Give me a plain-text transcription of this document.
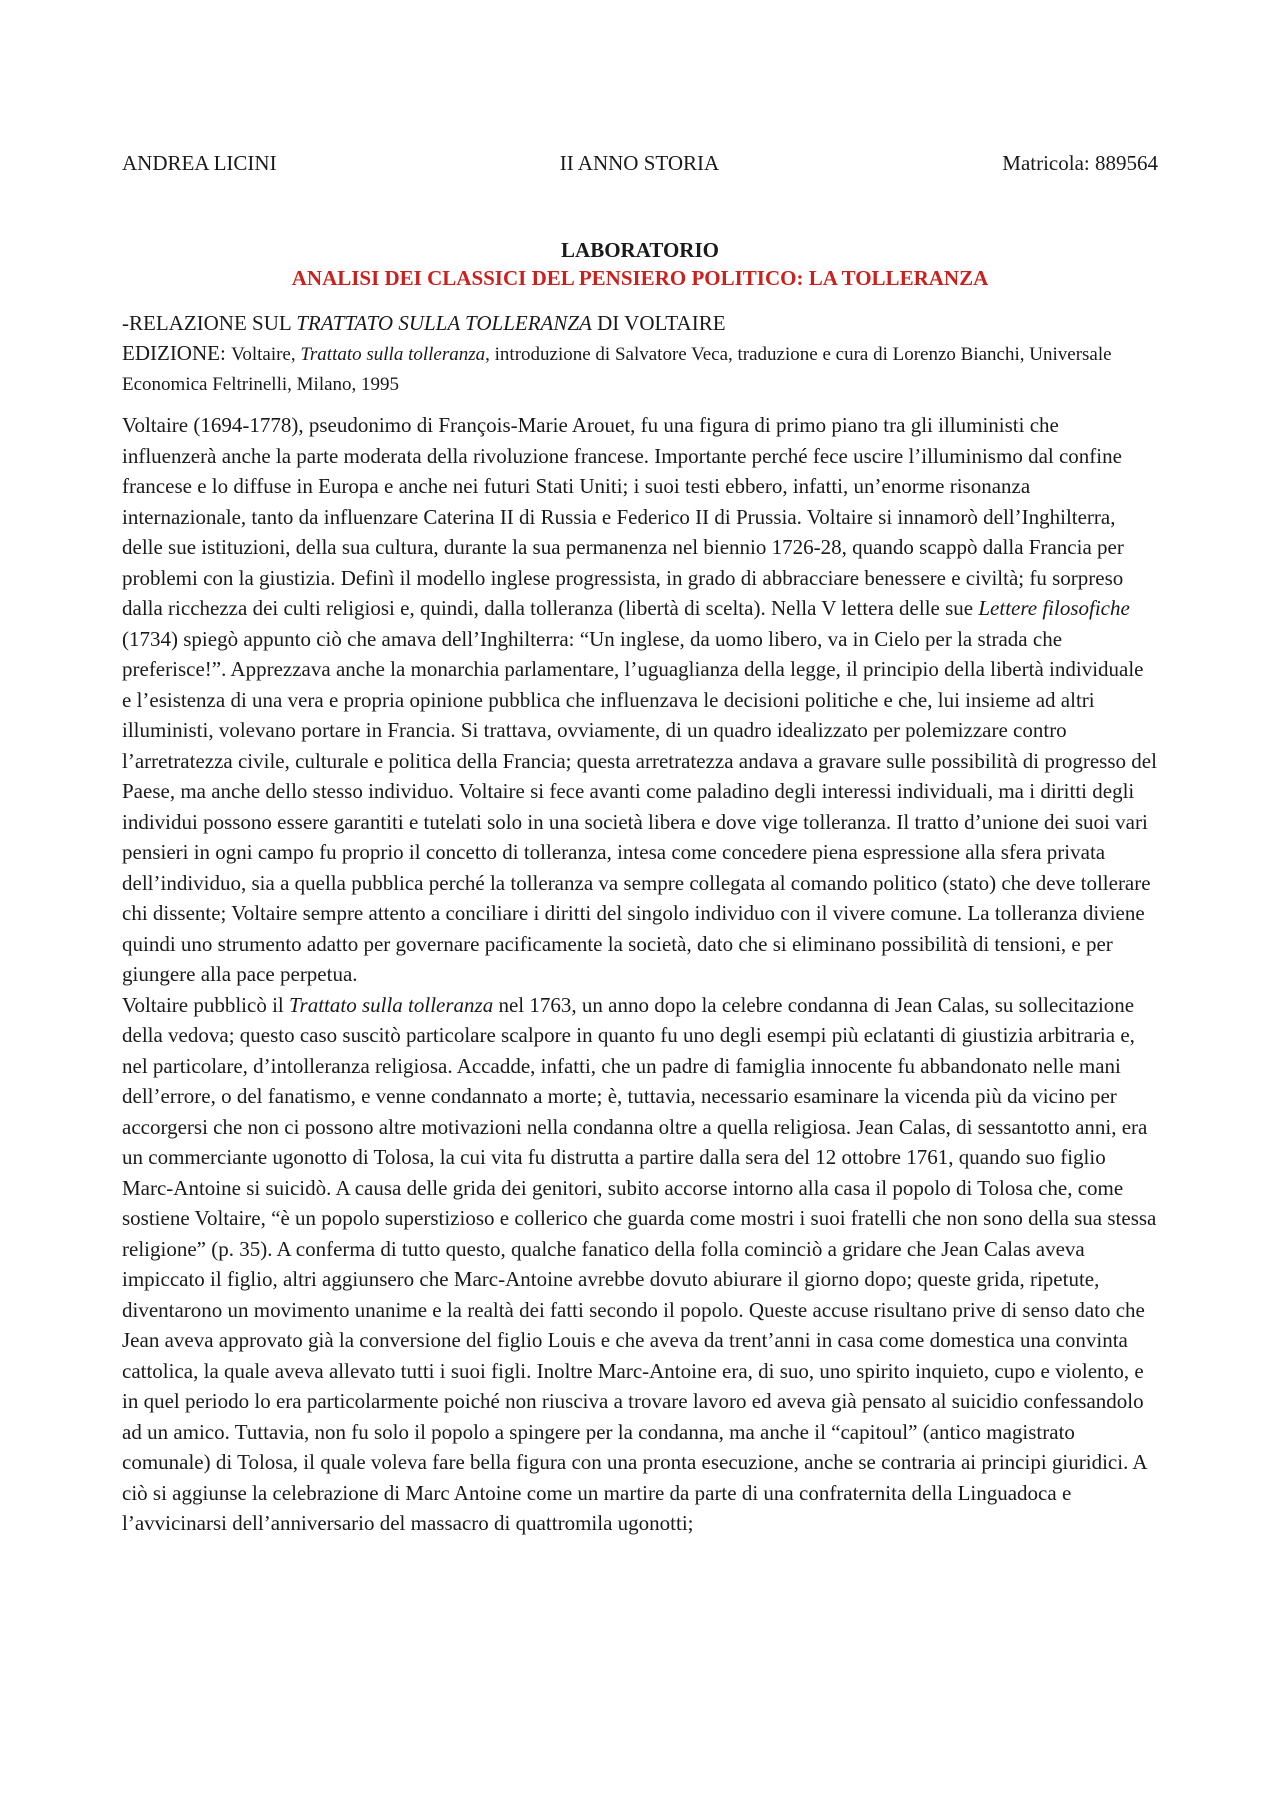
ANDREA LICINI	II ANNO STORIA	Matricola: 889564
LABORATORIO
ANALISI DEI CLASSICI DEL PENSIERO POLITICO: LA TOLLERANZA
-RELAZIONE SUL TRATTATO SULLA TOLLERANZA DI VOLTAIRE
EDIZIONE: Voltaire, Trattato sulla tolleranza, introduzione di Salvatore Veca, traduzione e cura di Lorenzo Bianchi, Universale Economica Feltrinelli, Milano, 1995

Voltaire (1694-1778), pseudonimo di François-Marie Arouet, fu una figura di primo piano tra gli illuministi che influenzerà anche la parte moderata della rivoluzione francese. Importante perché fece uscire l’illuminismo dal confine francese e lo diffuse in Europa e anche nei futuri Stati Uniti; i suoi testi ebbero, infatti, un’enorme risonanza internazionale, tanto da influenzare Caterina II di Russia e Federico II di Prussia. Voltaire si innamorò dell’Inghilterra, delle sue istituzioni, della sua cultura, durante la sua permanenza nel biennio 1726-28, quando scappò dalla Francia per problemi con la giustizia. Definì il modello inglese progressista, in grado di abbracciare benessere e civiltà; fu sorpreso dalla ricchezza dei culti religiosi e, quindi, dalla tolleranza (libertà di scelta). Nella V lettera delle sue Lettere filosofiche (1734) spiegò appunto ciò che amava dell’Inghilterra: “Un inglese, da uomo libero, va in Cielo per la strada che preferisce!”. Apprezzava anche la monarchia parlamentare, l’uguaglianza della legge, il principio della libertà individuale e l’esistenza di una vera e propria opinione pubblica che influenzava le decisioni politiche e che, lui insieme ad altri illuministi, volevano portare in Francia. Si trattava, ovviamente, di un quadro idealizzato per polemizzare contro l’arretratezza civile, culturale e politica della Francia; questa arretratezza andava a gravare sulle possibilità di progresso del Paese, ma anche dello stesso individuo. Voltaire si fece avanti come paladino degli interessi individuali, ma i diritti degli individui possono essere garantiti e tutelati solo in una società libera e dove vige tolleranza. Il tratto d’unione dei suoi vari pensieri in ogni campo fu proprio il concetto di tolleranza, intesa come concedere piena espressione alla sfera privata dell’individuo, sia a quella pubblica perché la tolleranza va sempre collegata al comando politico (stato) che deve tollerare chi dissente; Voltaire sempre attento a conciliare i diritti del singolo individuo con il vivere comune. La tolleranza diviene quindi uno strumento adatto per governare pacificamente la società, dato che si eliminano possibilità di tensioni, e per giungere alla pace perpetua.

Voltaire pubblicò il Trattato sulla tolleranza nel 1763, un anno dopo la celebre condanna di Jean Calas, su sollecitazione della vedova; questo caso suscitò particolare scalpore in quanto fu uno degli esempi più eclatanti di giustizia arbitraria e, nel particolare, d’intolleranza religiosa. Accadde, infatti, che un padre di famiglia innocente fu abbandonato nelle mani dell’errore, o del fanatismo, e venne condannato a morte; è, tuttavia, necessario esaminare la vicenda più da vicino per accorgersi che non ci possono altre motivazioni nella condanna oltre a quella religiosa. Jean Calas, di sessantotto anni, era un commerciante ugonotto di Tolosa, la cui vita fu distrutta a partire dalla sera del 12 ottobre 1761, quando suo figlio Marc-Antoine si suicidò. A causa delle grida dei genitori, subito accorse intorno alla casa il popolo di Tolosa che, come sostiene Voltaire, “è un popolo superstizioso e collerico che guarda come mostri i suoi fratelli che non sono della sua stessa religione” (p. 35). A conferma di tutto questo, qualche fanatico della folla cominciò a gridare che Jean Calas aveva impiccato il figlio, altri aggiunsero che Marc-Antoine avrebbe dovuto abiurare il giorno dopo; queste grida, ripetute, diventarono un movimento unanime e la realtà dei fatti secondo il popolo. Queste accuse risultano prive di senso dato che Jean aveva approvato già la conversione del figlio Louis e che aveva da trent’anni in casa come domestica una convinta cattolica, la quale aveva allevato tutti i suoi figli. Inoltre Marc-Antoine era, di suo, uno spirito inquieto, cupo e violento, e in quel periodo lo era particolarmente poiché non riusciva a trovare lavoro ed aveva già pensato al suicidio confessandolo ad un amico. Tuttavia, non fu solo il popolo a spingere per la condanna, ma anche il “capitoul” (antico magistrato comunale) di Tolosa, il quale voleva fare bella figura con una pronta esecuzione, anche se contraria ai principi giuridici. A ciò si aggiunse la celebrazione di Marc Antoine come un martire da parte di una confraternita della Linguadoca e l’avvicinarsi dell’anniversario del massacro di quattromila ugonotti;
